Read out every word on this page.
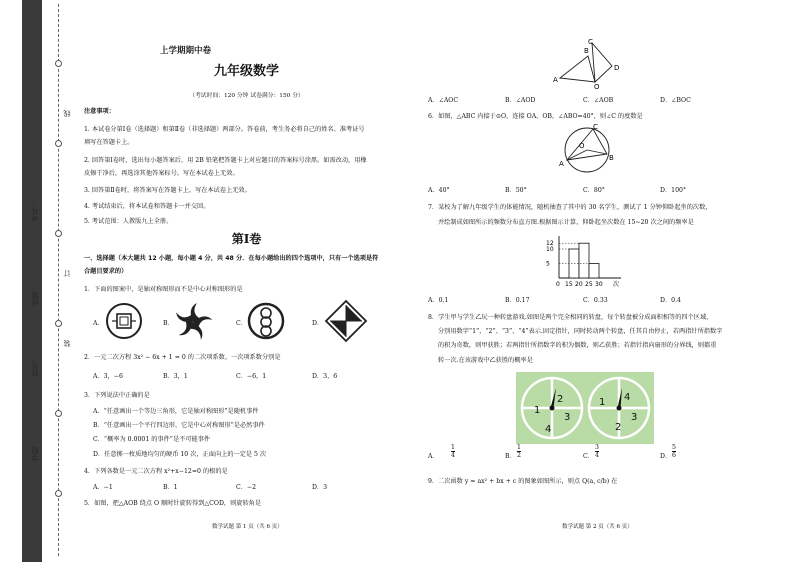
线
订
装
考号：
班级：
姓名：
学校：
上学期期中卷
九年级数学
（考试时间：120 分钟 试卷满分：150 分）
注意事项：
1. 本试卷分第Ⅰ卷（选择题）和第Ⅱ卷（非选择题）两部分。答卷前，考生务必将自己的姓名、准考证号
填写在答题卡上。
2. 回答第Ⅰ卷时，选出每小题答案后，用 2B 铅笔把答题卡上对应题目的答案标号涂黑。如需改动，用橡
皮擦干净后，再选涂其他答案标号。写在本试卷上无效。
3. 回答第Ⅱ卷时，将答案写在答题卡上。写在本试卷上无效。
4. 考试结束后，将本试卷和答题卡一并交回。
5. 考试范围：人教版九上全册。
第Ⅰ卷
一、选择题（本大题共 12 小题，每小题 4 分，共 48 分．在每小题给出的四个选项中，只有一个选项是符
合题目要求的）
1．下面的图案中，是轴对称图形而不是中心对称图形的是
A．	B．	C．	D．
2．一元二次方程 3x² − 6x + 1 = 0 的二次项系数、一次项系数分别是
A．3，−6	B．3，1	C．−6，1	D．3，6
3．下列说法中正确的是
A．“任意画出一个等边三角形，它是轴对称图形”是随机事件
B．“任意画出一个平行四边形，它是中心对称图形”是必然事件
C．“概率为 0.0001 的事件”是不可能事件
D．任意掷一枚质地均匀的硬币 10 次，正面向上的一定是 5 次
4．下列各数是一元二次方程 x²+x−12=0 的根的是
A．−1	B．1	C．−2	D．3
5．如图，把△AOB 绕点 O 顺时针旋转得到△COD，则旋转角是
数学试题 第 1 页（共 6 页）
A
B
C
D
O
A．∠AOC	B．∠AOD	C．∠AOB	D．∠BOC
6．如图，△ABC 内接于⊙O，连接 OA、OB，∠ABO=40°，则∠C 的度数是
A
B
C
O
A．40°	B．50°	C．80°	D．100°
7．某校为了解九年级学生的体能情况，随机抽查了其中的 30 名学生，测试了 1 分钟仰卧起坐的次数，
并绘制成如图所示的频数分布直方图.根据图示计算，仰卧起坐次数在 15~20 次之间的频率是
5
10
12
0 15 20 25 30 次
A．0.1	B．0.17	C．0.33	D．0.4
8．学生甲与学生乙玩一种转盘游戏.如图是两个完全相同的转盘，每个转盘被分成面积相等的四个区域，
分别用数字“1”、“2”、“3”、“4”表示.固定指针，同时转动两个转盘，任其自由停止，若两指针所指数字
的积为奇数，则甲获胜；若两指针所指数字的积为偶数，则乙获胜；若指针指向扇形的分界线，则都重
转一次.在该游戏中乙获胜的概率是
1
2
3
4
1
2
3
4
A．	B．	C．	D．
1
4
1
2
3
4
5
6
9．二次函数 y = ax² + bx + c 的图象如图所示，则点 Q(a, c/b) 在
数学试题 第 2 页（共 6 页）
